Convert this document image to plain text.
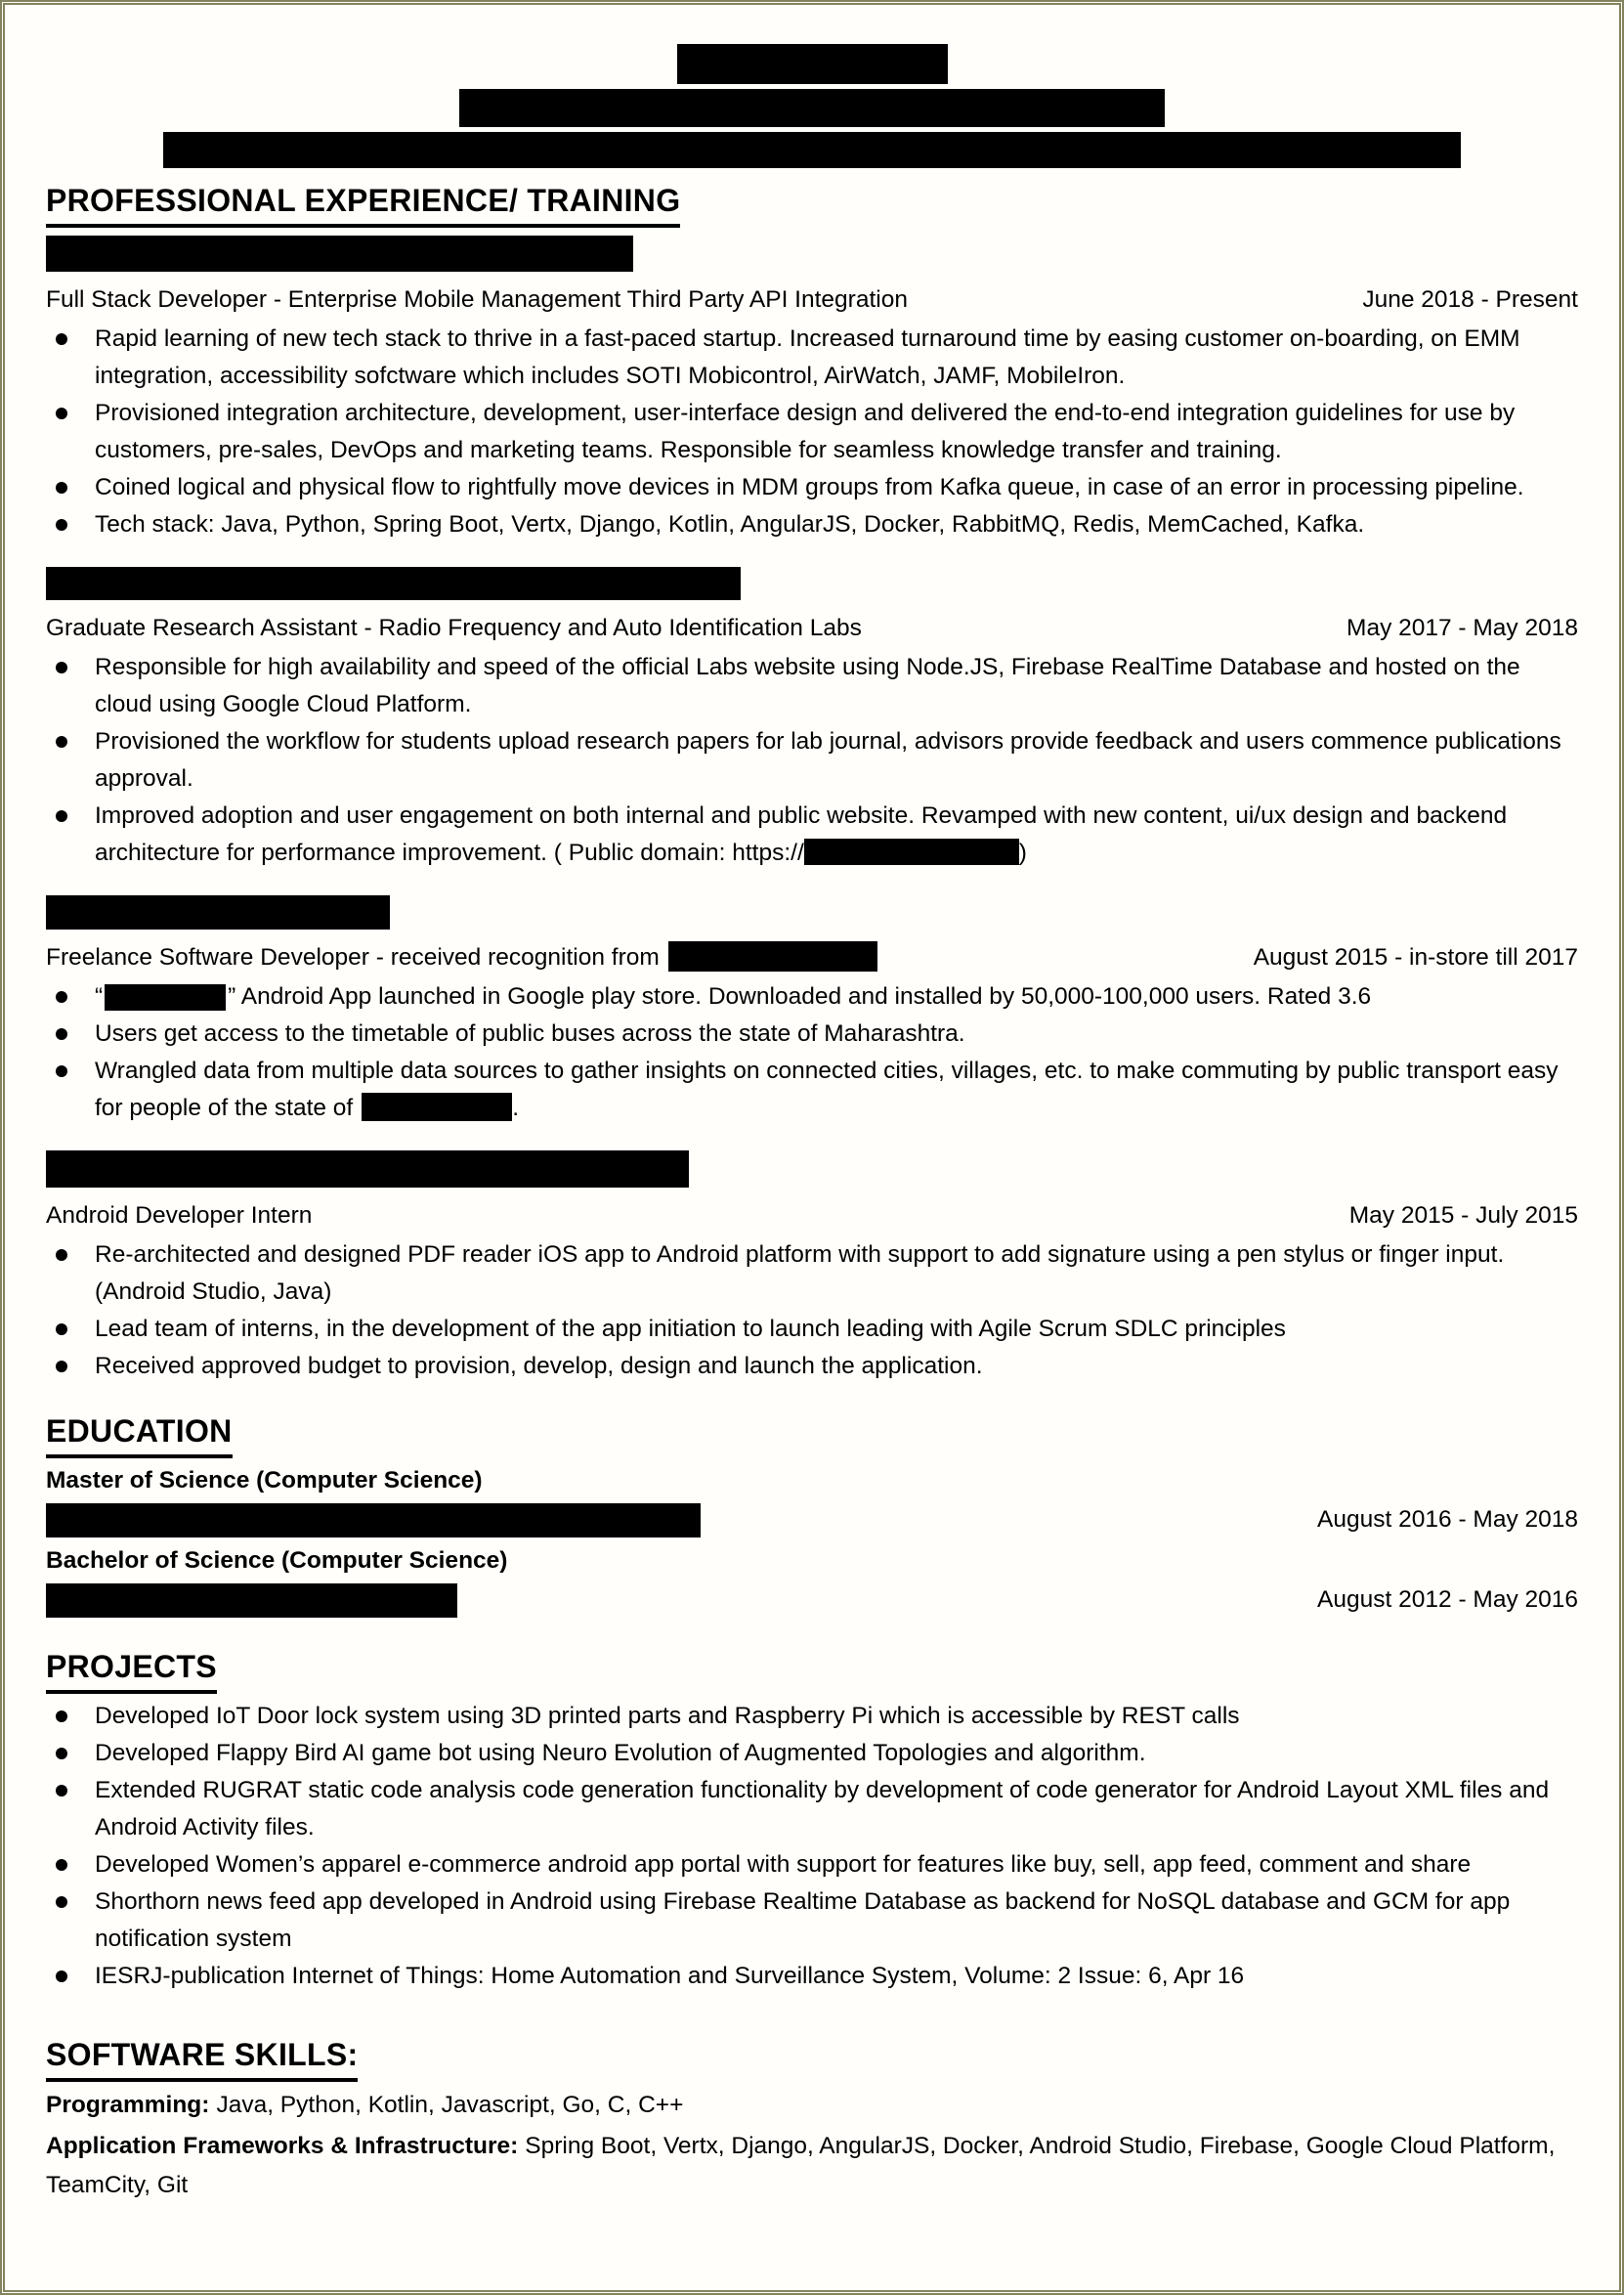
PROFESSIONAL EXPERIENCE/ TRAINING
Full Stack Developer - Enterprise Mobile Management Third Party API Integration	June 2018 - Present

Rapid learning of new tech stack to thrive in a fast-paced startup. Increased turnaround time by easing customer on-boarding, on EMM integration, accessibility sofctware which includes SOTI Mobicontrol, AirWatch, JAMF, MobileIron.

Provisioned integration architecture, development, user-interface design and delivered the end-to-end integration guidelines for use by customers, pre-sales, DevOps and marketing teams. Responsible for seamless knowledge transfer and training.

Coined logical and physical flow to rightfully move devices in MDM groups from Kafka queue, in case of an error in processing pipeline.

Tech stack: Java, Python, Spring Boot, Vertx, Django, Kotlin, AngularJS, Docker, RabbitMQ, Redis, MemCached, Kafka.

Graduate Research Assistant - Radio Frequency and Auto Identification Labs	May 2017 - May 2018

Responsible for high availability and speed of the official Labs website using Node.JS, Firebase RealTime Database and hosted on the cloud using Google Cloud Platform.

Provisioned the workflow for students upload research papers for lab journal, advisors provide feedback and users commence publications approval.

Improved adoption and user engagement on both internal and public website. Revamped with new content, ui/ux design and backend architecture for performance improvement. ( Public domain: https://	)

Freelance Software Developer - received recognition from	August 2015 - in-store till 2017

“	” Android App launched in Google play store. Downloaded and installed by 50,000-100,000 users. Rated 3.6

Users get access to the timetable of public buses across the state of Maharashtra.

Wrangled data from multiple data sources to gather insights on connected cities, villages, etc. to make commuting by public transport easy for people of the state of	.

Android Developer Intern	May 2015 - July 2015

Re-architected and designed PDF reader iOS app to Android platform with support to add signature using a pen stylus or finger input. (Android Studio, Java)

Lead team of interns, in the development of the app initiation to launch leading with Agile Scrum SDLC principles

Received approved budget to provision, develop, design and launch the application.

EDUCATION
Master of Science (Computer Science)
August 2016 - May 2018
Bachelor of Science (Computer Science)
August 2012 - May 2016
PROJECTS

Developed IoT Door lock system using 3D printed parts and Raspberry Pi which is accessible by REST calls

Developed Flappy Bird AI game bot using Neuro Evolution of Augmented Topologies and algorithm.

Extended RUGRAT static code analysis code generation functionality by development of code generator for Android Layout XML files and Android Activity files.

Developed Women’s apparel e-commerce android app portal with support for features like buy, sell, app feed, comment and share

Shorthorn news feed app developed in Android using Firebase Realtime Database as backend for NoSQL database and GCM for app notification system

IESRJ-publication Internet of Things: Home Automation and Surveillance System, Volume: 2 Issue: 6, Apr 16

SOFTWARE SKILLS:
Programming: Java, Python, Kotlin, Javascript, Go, C, C++
Application Frameworks & Infrastructure: Spring Boot, Vertx, Django, AngularJS, Docker, Android Studio, Firebase, Google Cloud Platform, TeamCity, Git
